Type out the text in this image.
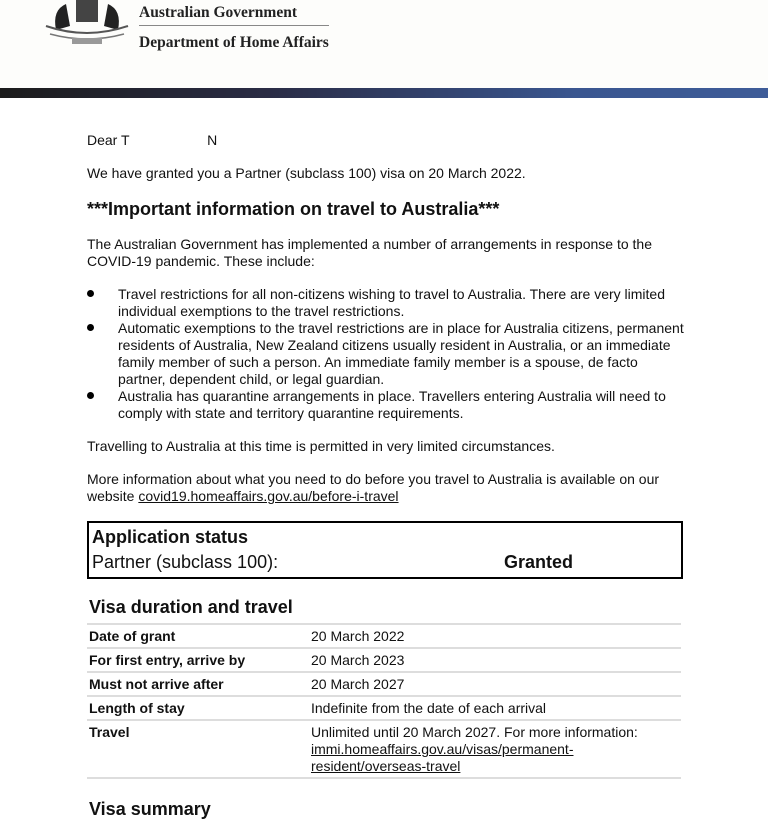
Australian Government
Department of Home Affairs

Dear T                    N

We have granted you a Partner (subclass 100) visa on 20 March 2022.

***Important information on travel to Australia***

The Australian Government has implemented a number of arrangements in response to the COVID-19 pandemic. These include:

Travel restrictions for all non-citizens wishing to travel to Australia. There are very limited individual exemptions to the travel restrictions.
Automatic exemptions to the travel restrictions are in place for Australia citizens, permanent residents of Australia, New Zealand citizens usually resident in Australia, or an immediate family member of such a person. An immediate family member is a spouse, de facto partner, dependent child, or legal guardian.
Australia has quarantine arrangements in place. Travellers entering Australia will need to comply with state and territory quarantine requirements.

Travelling to Australia at this time is permitted in very limited circumstances.

More information about what you need to do before you travel to Australia is available on our website covid19.homeaffairs.gov.au/before-i-travel

Application status
Partner (subclass 100):	Granted
Visa duration and travel
Date of grant	20 March 2022
For first entry, arrive by	20 March 2023
Must not arrive after	20 March 2027
Length of stay	Indefinite from the date of each arrival
Travel	Unlimited until 20 March 2027. For more information:
immi.homeaffairs.gov.au/visas/permanent-resident/overseas-travel
Visa summary
